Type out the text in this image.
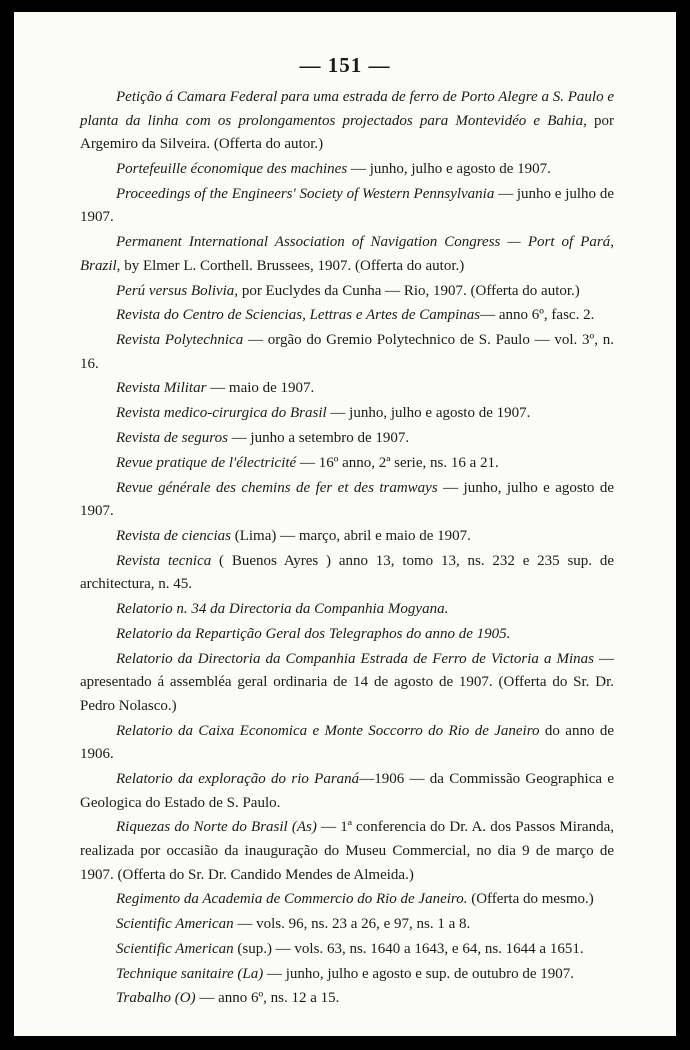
— 151 —

Petição á Camara Federal para uma estrada de ferro de Porto Alegre a S. Paulo e planta da linha com os prolongamentos projectados para Montevidéo e Bahia, por Argemiro da Silveira. (Offerta do autor.)

Portefeuille économique des machines — junho, julho e agosto de 1907.

Proceedings of the Engineers' Society of Western Pennsylvania — junho e julho de 1907.

Permanent International Association of Navigation Congress — Port of Pará, Brazil, by Elmer L. Corthell. Brussees, 1907. (Offerta do autor.)

Perú versus Bolivia, por Euclydes da Cunha — Rio, 1907. (Offerta do autor.)

Revista do Centro de Sciencias, Lettras e Artes de Campinas— anno 6º, fasc. 2.

Revista Polytechnica — orgão do Gremio Polytechnico de S. Paulo — vol. 3º, n. 16.

Revista Militar — maio de 1907.

Revista medico-cirurgica do Brasil — junho, julho e agosto de 1907.

Revista de seguros — junho a setembro de 1907.

Revue pratique de l'électricité — 16º anno, 2ª serie, ns. 16 a 21.

Revue générale des chemins de fer et des tramways — junho, julho e agosto de 1907.

Revista de ciencias (Lima) — março, abril e maio de 1907.

Revista tecnica ( Buenos Ayres ) anno 13, tomo 13, ns. 232 e 235 sup. de architectura, n. 45.

Relatorio n. 34 da Directoria da Companhia Mogyana.

Relatorio da Repartição Geral dos Telegraphos do anno de 1905.

Relatorio da Directoria da Companhia Estrada de Ferro de Victoria a Minas — apresentado á assembléa geral ordinaria de 14 de agosto de 1907. (Offerta do Sr. Dr. Pedro Nolasco.)

Relatorio da Caixa Economica e Monte Soccorro do Rio de Janeiro do anno de 1906.

Relatorio da exploração do rio Paraná—1906 — da Commissão Geographica e Geologica do Estado de S. Paulo.

Riquezas do Norte do Brasil (As) — 1ª conferencia do Dr. A. dos Passos Miranda, realizada por occasião da inauguração do Museu Commercial, no dia 9 de março de 1907. (Offerta do Sr. Dr. Candido Mendes de Almeida.)

Regimento da Academia de Commercio do Rio de Janeiro. (Offerta do mesmo.)

Scientific American — vols. 96, ns. 23 a 26, e 97, ns. 1 a 8.

Scientific American (sup.) — vols. 63, ns. 1640 a 1643, e 64, ns. 1644 a 1651.

Technique sanitaire (La) — junho, julho e agosto e sup. de outubro de 1907.

Trabalho (O) — anno 6º, ns. 12 a 15.
